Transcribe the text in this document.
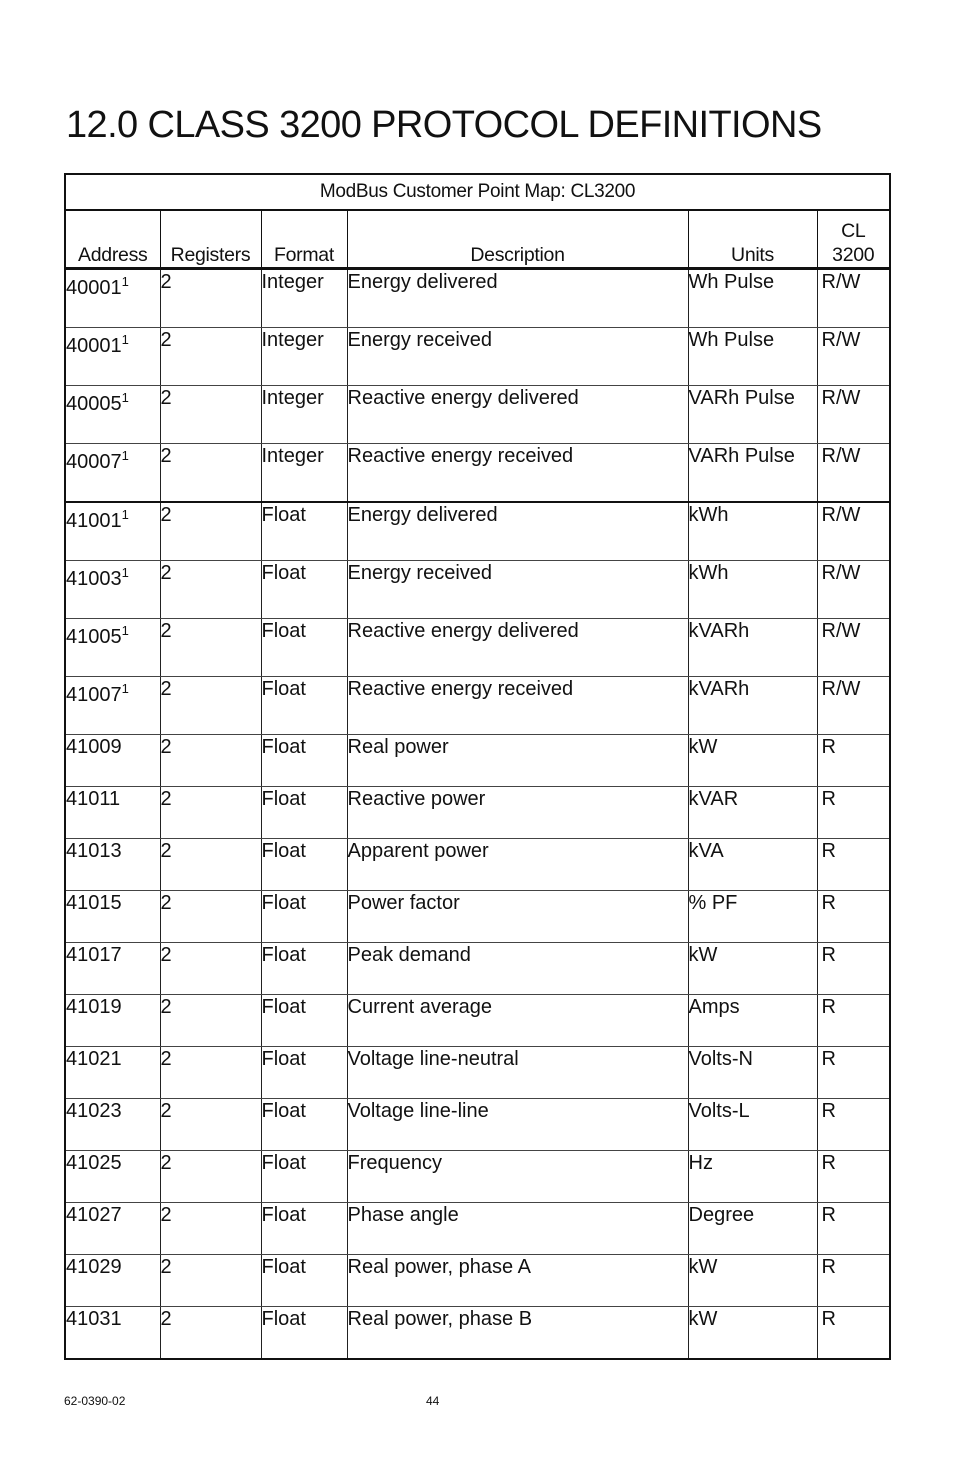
12.0 CLASS 3200 PROTOCOL DEFINITIONS
ModBus Customer Point Map: CL3200					
Address	Registers	Format	Description	Units	CL
3200
40001$^1$	2	Integer	Energy delivered	Wh Pulse	R/W
40001$^1$	2	Integer	Energy received	Wh Pulse	R/W
40005$^1$	2	Integer	Reactive energy delivered	VARh Pulse	R/W
40007$^1$	2	Integer	Reactive energy received	VARh Pulse	R/W
41001$^1$	2	Float	Energy delivered	kWh	R/W
41003$^1$	2	Float	Energy received	kWh	R/W
41005$^1$	2	Float	Reactive energy delivered	kVARh	R/W
41007$^1$	2	Float	Reactive energy received	kVARh	R/W
41009	2	Float	Real power	kW	R
41011	2	Float	Reactive power	kVAR	R
41013	2	Float	Apparent power	kVA	R
41015	2	Float	Power factor	% PF	R
41017	2	Float	Peak demand	kW	R
41019	2	Float	Current average	Amps	R
41021	2	Float	Voltage line-neutral	Volts-N	R
41023	2	Float	Voltage line-line	Volts-L	R
41025	2	Float	Frequency	Hz	R
41027	2	Float	Phase angle	Degree	R
41029	2	Float	Real power, phase A	kW	R
41031	2	Float	Real power, phase B	kW	R
62-0390-02	44
